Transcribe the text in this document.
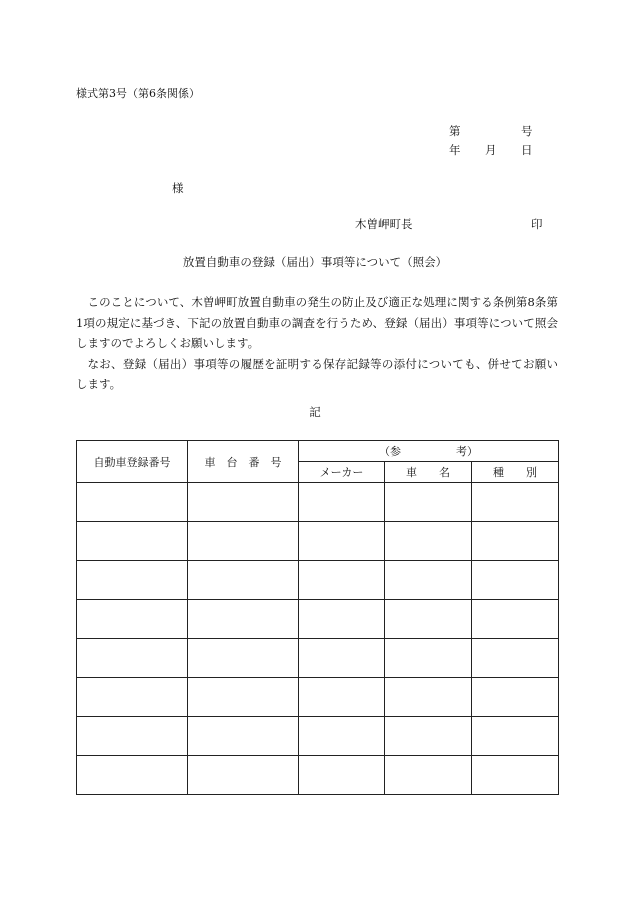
様式第3号（第6条関係）
第	号
年 月 日
様
木曽岬町長	印
放置自動車の登録（届出）事項等について（照会）

このことについて、木曽岬町放置自動車の発生の防止及び適正な処理に関する条例第8条第1項の規定に基づき、下記の放置自動車の調査を行うため、登録（届出）事項等について照会しますのでよろしくお願いします。

なお、登録（届出）事項等の履歴を証明する保存記録等の添付についても、併せてお願いします。

記
自動車登録番号	車　台　番　号	（参　　　　　考）		
		メーカー	車　　名	種　　別
